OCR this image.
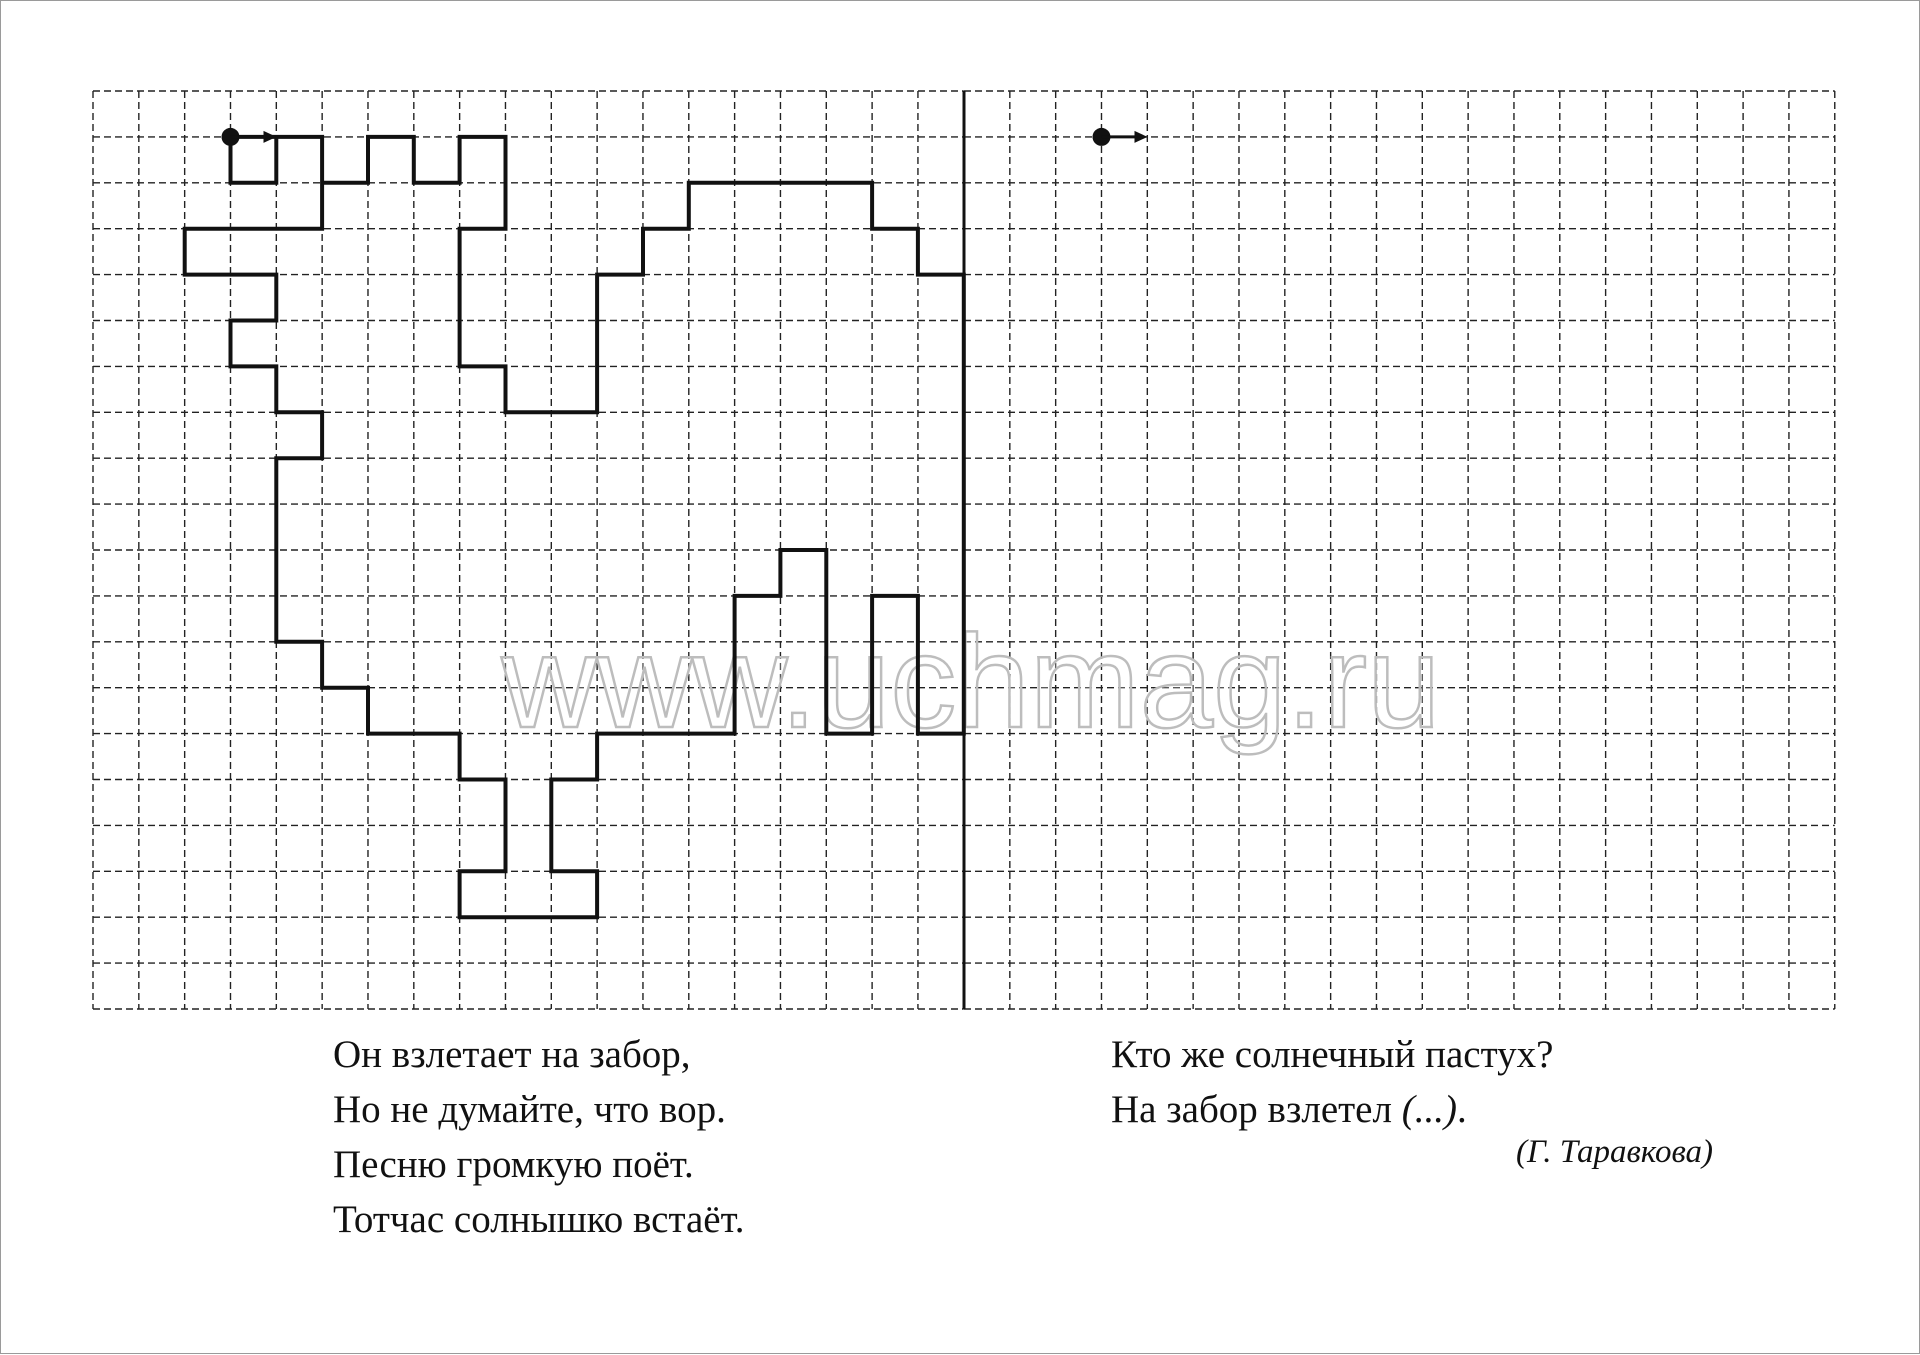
www.uchmag.ru
Он взлетает на забор,
Но не думайте, что вор.
Песню громкую поёт.
Тотчас солнышко встаёт.
Кто же солнечный пастух?
На забор взлетел (...).
(Г. Таравкова)
